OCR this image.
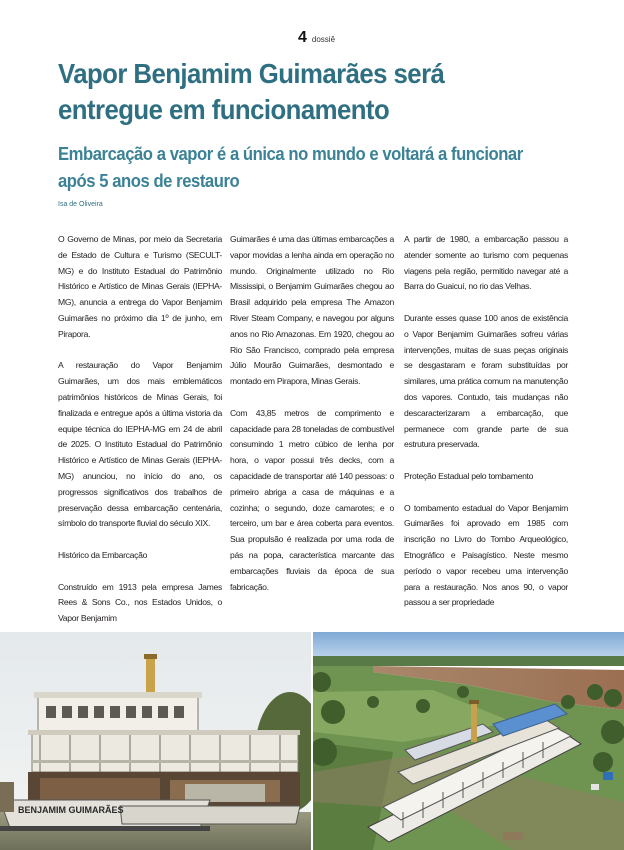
4 dossiê
Vapor Benjamim Guimarães será entregue em funcionamento
Embarcação a vapor é a única no mundo e voltará a funcionar após 5 anos de restauro
Isa de Oliveira

O Governo de Minas, por meio da Secretaria de Estado de Cultura e Turismo (SECULT-MG) e do Instituto Estadual do Patrimônio Histórico e Artístico de Minas Gerais (IEPHA-MG), anuncia a entrega do Vapor Benjamim Guimarães no próximo dia 1º de junho, em Pirapora.

A restauração do Vapor Benjamim Guimarães, um dos mais emblemáticos patrimônios históricos de Minas Gerais, foi finalizada e entregue após a última vistoria da equipe técnica do IEPHA-MG em 24 de abril de 2025. O Instituto Estadual do Patrimônio Histórico e Artístico de Minas Gerais (IEPHA-MG) anunciou, no início do ano, os progressos significativos dos trabalhos de preservação dessa embarcação centenária, símbolo do transporte fluvial do século XIX.

Histórico da Embarcação

Construído em 1913 pela empresa James Rees & Sons Co., nos Estados Unidos, o Vapor Benjamim

Guimarães é uma das últimas embarcações a vapor movidas a lenha ainda em operação no mundo. Originalmente utilizado no Rio Mississipi, o Benjamim Guimarães chegou ao Brasil adquirido pela empresa The Amazon River Steam Company, e navegou por alguns anos no Rio Amazonas. Em 1920, chegou ao Rio São Francisco, comprado pela empresa Júlio Mourão Guimarães, desmontado e montado em Pirapora, Minas Gerais.

Com 43,85 metros de comprimento e capacidade para 28 toneladas de combustível consumindo 1 metro cúbico de lenha por hora, o vapor possui três decks, com a capacidade de transportar até 140 pessoas: o primeiro abriga a casa de máquinas e a cozinha; o segundo, doze camarotes; e o terceiro, um bar e área coberta para eventos. Sua propulsão é realizada por uma roda de pás na popa, característica marcante das embarcações fluviais da época de sua fabricação.

A partir de 1980, a embarcação passou a atender somente ao turismo com pequenas viagens pela região, permitido navegar até a Barra do Guaicuí, no rio das Velhas.

Durante esses quase 100 anos de existência o Vapor Benjamim Guimarães sofreu várias intervenções, muitas de suas peças originais se desgastaram e foram substituídas por similares, uma prática comum na manutenção dos vapores. Contudo, tais mudanças não descaracterizaram a embarcação, que permanece com grande parte de sua estrutura preservada.

Proteção Estadual pelo tombamento

O tombamento estadual do Vapor Benjamim Guimarães foi aprovado em 1985 com inscrição no Livro do Tombo Arqueológico, Etnográfico e Paisagístico. Neste mesmo período o vapor recebeu uma intervenção para a restauração. Nos anos 90, o vapor passou a ser propriedade

BENJAMIM GUIMARÃES
